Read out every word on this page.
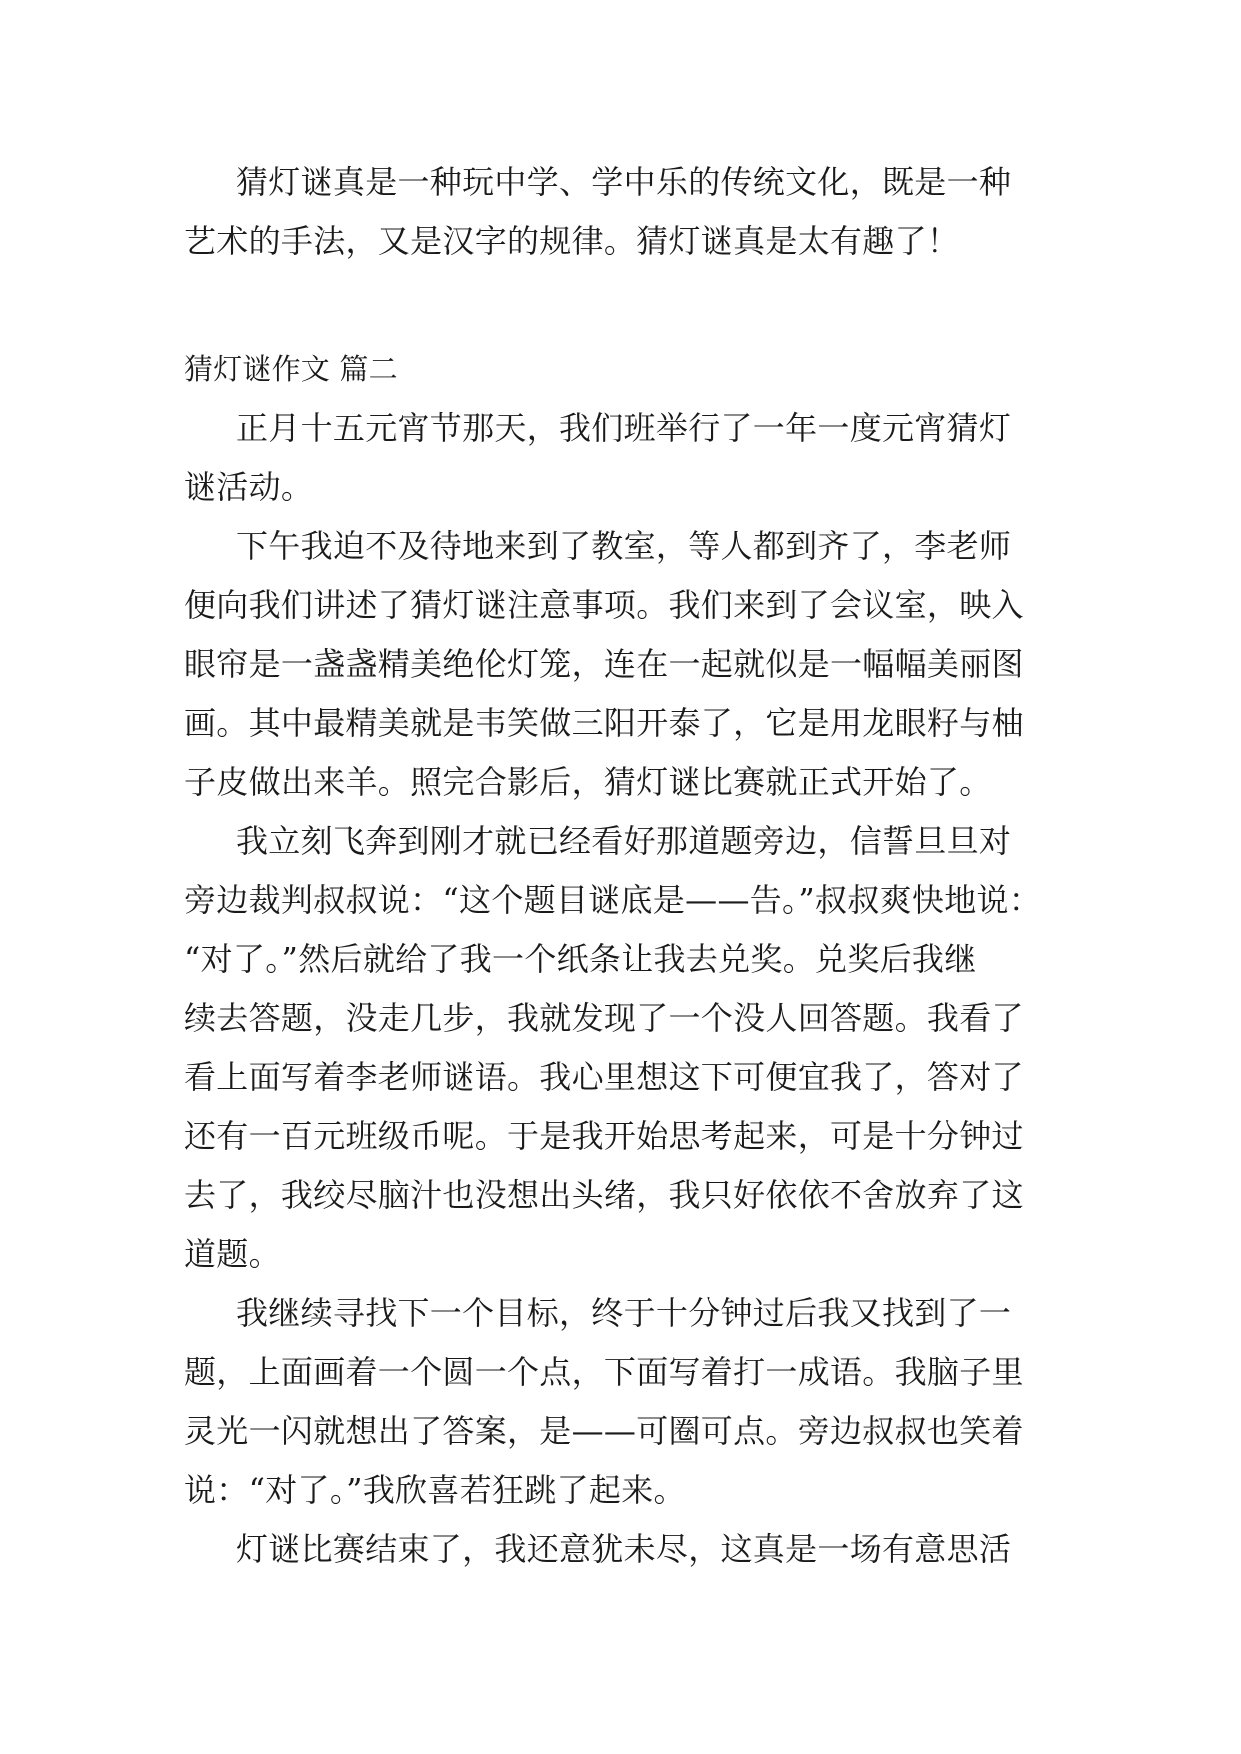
猜灯谜真是一种玩中学、学中乐的传统文化，既是一种

艺术的手法，又是汉字的规律。猜灯谜真是太有趣了！

猜灯谜作文 篇二

正月十五元宵节那天，我们班举行了一年一度元宵猜灯

谜活动。

下午我迫不及待地来到了教室，等人都到齐了，李老师

便向我们讲述了猜灯谜注意事项。我们来到了会议室，映入

眼帘是一盏盏精美绝伦灯笼，连在一起就似是一幅幅美丽图

画。其中最精美就是韦笑做三阳开泰了，它是用龙眼籽与柚

子皮做出来羊。照完合影后，猜灯谜比赛就正式开始了。

我立刻飞奔到刚才就已经看好那道题旁边，信誓旦旦对

旁边裁判叔叔说：“这个题目谜底是——告。”叔叔爽快地说：

“对了。”然后就给了我一个纸条让我去兑奖。兑奖后我继

续去答题，没走几步，我就发现了一个没人回答题。我看了

看上面写着李老师谜语。我心里想这下可便宜我了，答对了

还有一百元班级币呢。于是我开始思考起来，可是十分钟过

去了，我绞尽脑汁也没想出头绪，我只好依依不舍放弃了这

道题。

我继续寻找下一个目标，终于十分钟过后我又找到了一

题，上面画着一个圆一个点，下面写着打一成语。我脑子里

灵光一闪就想出了答案，是——可圈可点。旁边叔叔也笑着

说：“对了。”我欣喜若狂跳了起来。

灯谜比赛结束了，我还意犹未尽，这真是一场有意思活
